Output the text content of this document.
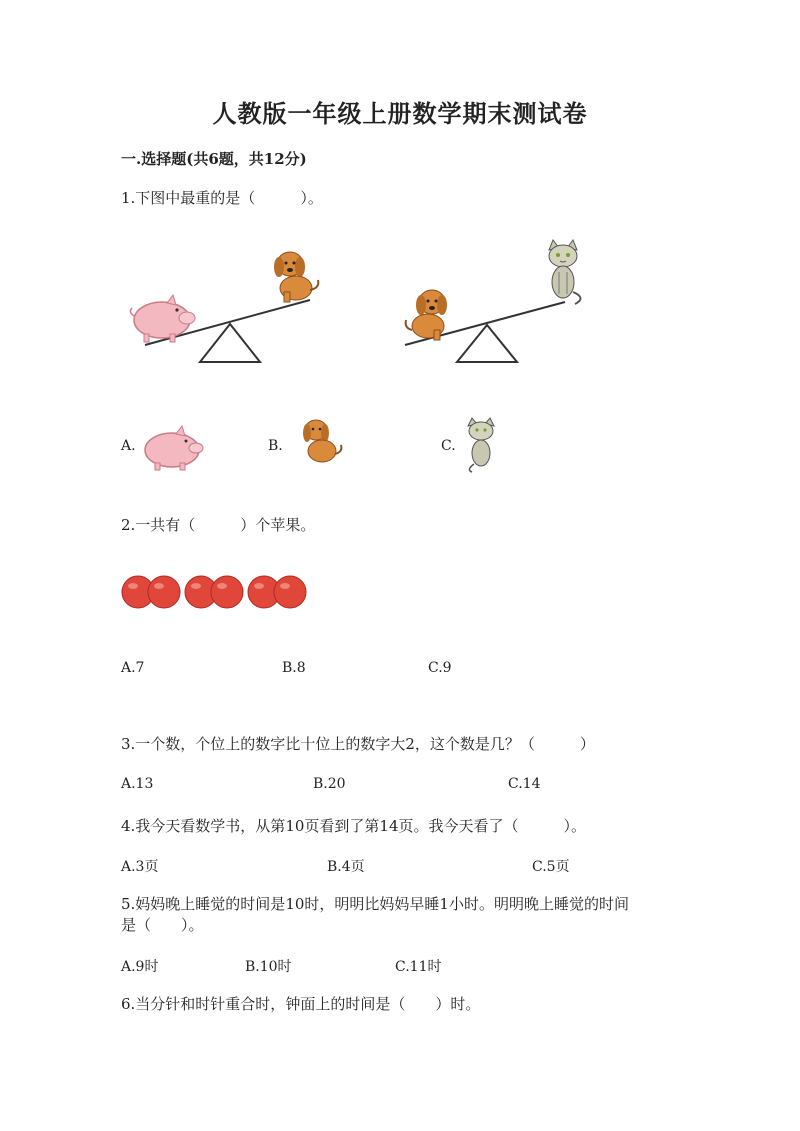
人教版一年级上册数学期末测试卷
一.选择题(共6题，共12分)
1.下图中最重的是（　　　）。
A.	B.	C.
2.一共有（　　　）个苹果。
A.7	B.8	C.9
3.一个数，个位上的数字比十位上的数字大2，这个数是几？（　　　）
A.13	B.20	C.14
4.我今天看数学书，从第10页看到了第14页。我今天看了（　　　）。
A.3页	B.4页	C.5页
5.妈妈晚上睡觉的时间是10时，明明比妈妈早睡1小时。明明晚上睡觉的时间
是（　　）。
A.9时	B.10时	C.11时
6.当分针和时针重合时，钟面上的时间是（　　）时。
